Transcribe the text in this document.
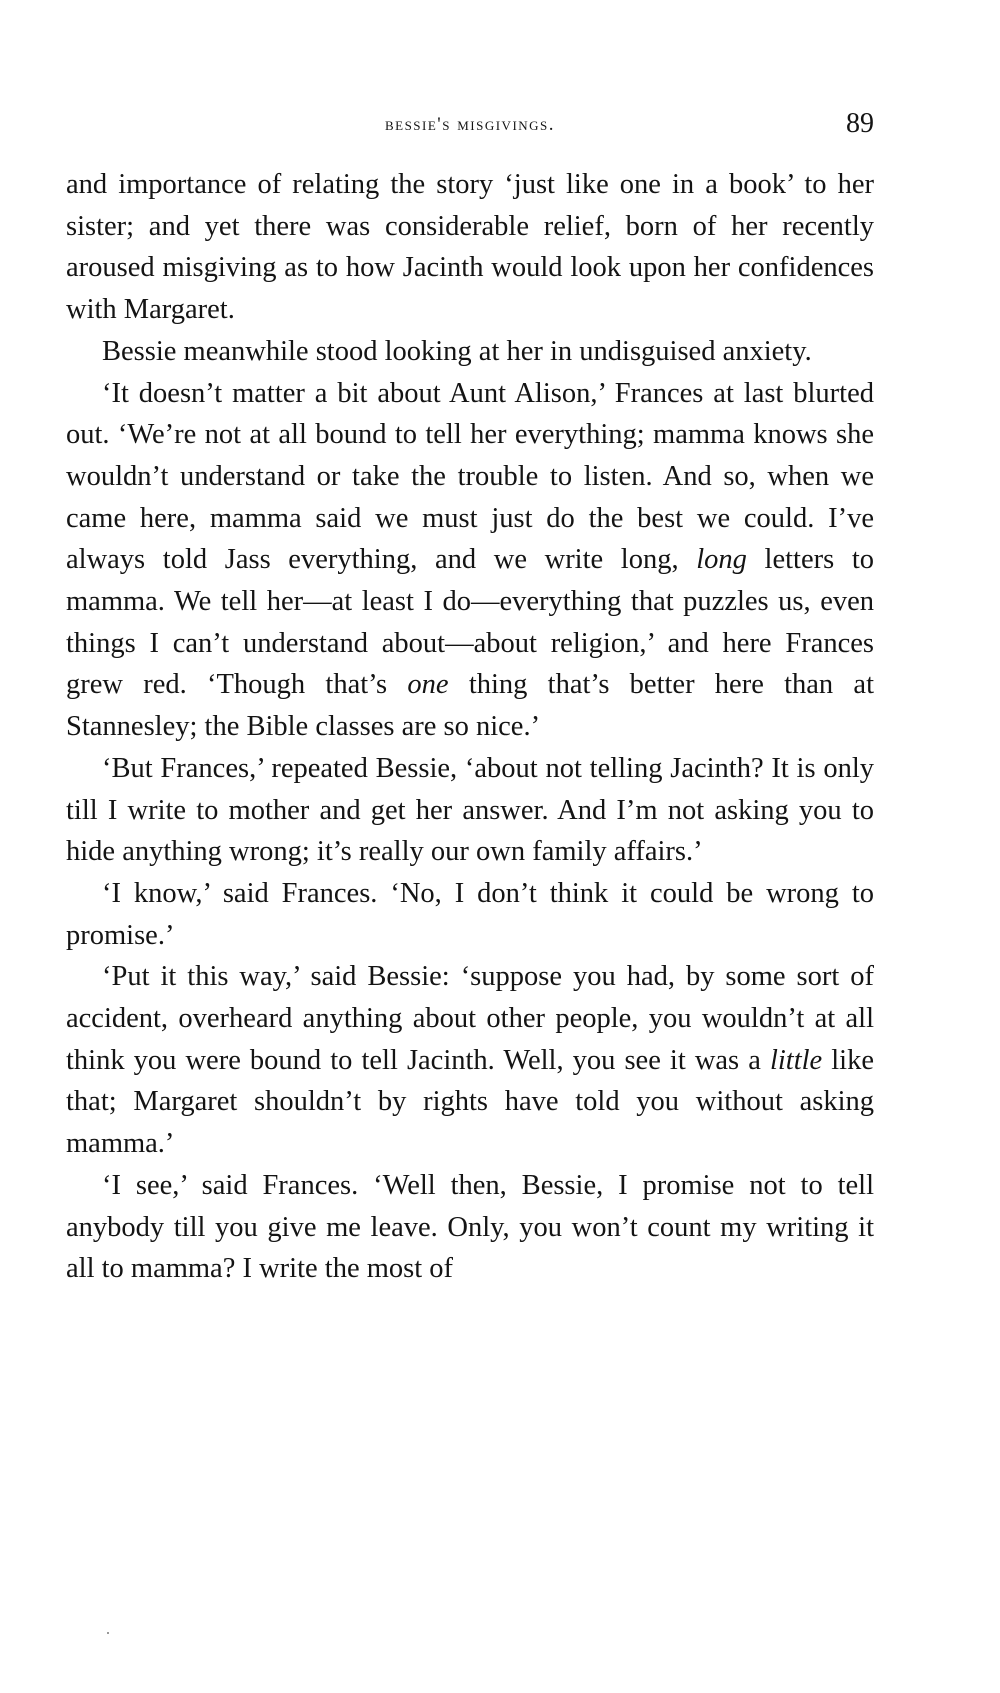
bessie's misgivings.	89

and importance of relating the story ‘just like one in a book’ to her sister; and yet there was considerable relief, born of her recently aroused misgiving as to how Jacinth would look upon her confidences with Margaret.

Bessie meanwhile stood looking at her in undisguised anxiety.

‘It doesn’t matter a bit about Aunt Alison,’ Frances at last blurted out. ‘We’re not at all bound to tell her everything; mamma knows she wouldn’t understand or take the trouble to listen. And so, when we came here, mamma said we must just do the best we could. I’ve always told Jass everything, and we write long, long letters to mamma. We tell her—at least I do—everything that puzzles us, even things I can’t understand about—about religion,’ and here Frances grew red. ‘Though that’s one thing that’s better here than at Stannesley; the Bible classes are so nice.’

‘But Frances,’ repeated Bessie, ‘about not telling Jacinth? It is only till I write to mother and get her answer. And I’m not asking you to hide anything wrong; it’s really our own family affairs.’

‘I know,’ said Frances. ‘No, I don’t think it could be wrong to promise.’

‘Put it this way,’ said Bessie: ‘suppose you had, by some sort of accident, overheard anything about other people, you wouldn’t at all think you were bound to tell Jacinth. Well, you see it was a little like that; Margaret shouldn’t by rights have told you without asking mamma.’

‘I see,’ said Frances. ‘Well then, Bessie, I promise not to tell anybody till you give me leave. Only, you won’t count my writing it all to mamma? I write the most of
